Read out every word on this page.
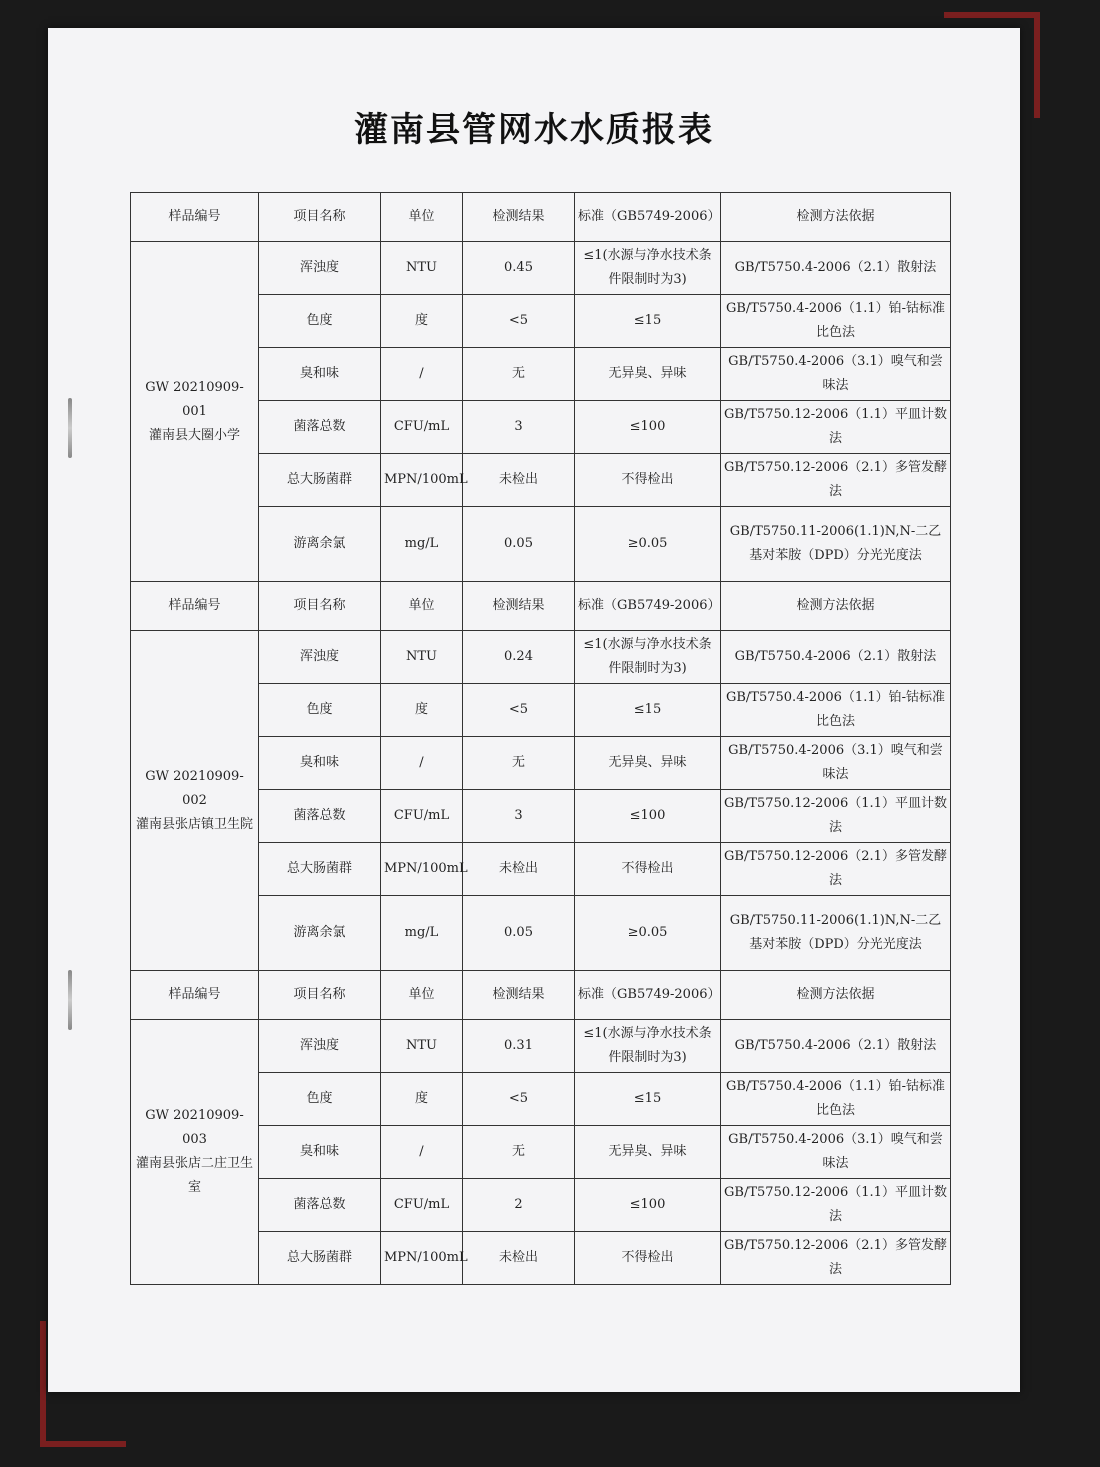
灌南县管网水水质报表
样品编号	项目名称	单位	检测结果	标准（GB5749-2006）	检测方法依据

GW 20210909-001
灌南县大圈小学	浑浊度	NTU	0.45	≤1(水源与净水技术条件限制时为3)	GB/T5750.4-2006（2.1）散射法
	色度	度	<5	≤15	GB/T5750.4-2006（1.1）铂-钴标准比色法
	臭和味	/	无	无异臭、异味	GB/T5750.4-2006（3.1）嗅气和尝味法
	菌落总数	CFU/mL	3	≤100	GB/T5750.12-2006（1.1）平皿计数法
	总大肠菌群	MPN/100mL	未检出	不得检出	GB/T5750.12-2006（2.1）多管发酵法
	游离余氯	mg/L	0.05	≥0.05	GB/T5750.11-2006(1.1)N,N-二乙基对苯胺（DPD）分光光度法
样品编号	项目名称	单位	检测结果	标准（GB5749-2006）	检测方法依据

GW 20210909-002
灌南县张店镇卫生院	浑浊度	NTU	0.24	≤1(水源与净水技术条件限制时为3)	GB/T5750.4-2006（2.1）散射法
	色度	度	<5	≤15	GB/T5750.4-2006（1.1）铂-钴标准比色法
	臭和味	/	无	无异臭、异味	GB/T5750.4-2006（3.1）嗅气和尝味法
	菌落总数	CFU/mL	3	≤100	GB/T5750.12-2006（1.1）平皿计数法
	总大肠菌群	MPN/100mL	未检出	不得检出	GB/T5750.12-2006（2.1）多管发酵法
	游离余氯	mg/L	0.05	≥0.05	GB/T5750.11-2006(1.1)N,N-二乙基对苯胺（DPD）分光光度法
样品编号	项目名称	单位	检测结果	标准（GB5749-2006）	检测方法依据

GW 20210909-003
灌南县张店二庄卫生室	浑浊度	NTU	0.31	≤1(水源与净水技术条件限制时为3)	GB/T5750.4-2006（2.1）散射法
	色度	度	<5	≤15	GB/T5750.4-2006（1.1）铂-钴标准比色法
	臭和味	/	无	无异臭、异味	GB/T5750.4-2006（3.1）嗅气和尝味法
	菌落总数	CFU/mL	2	≤100	GB/T5750.12-2006（1.1）平皿计数法
	总大肠菌群	MPN/100mL	未检出	不得检出	GB/T5750.12-2006（2.1）多管发酵法
